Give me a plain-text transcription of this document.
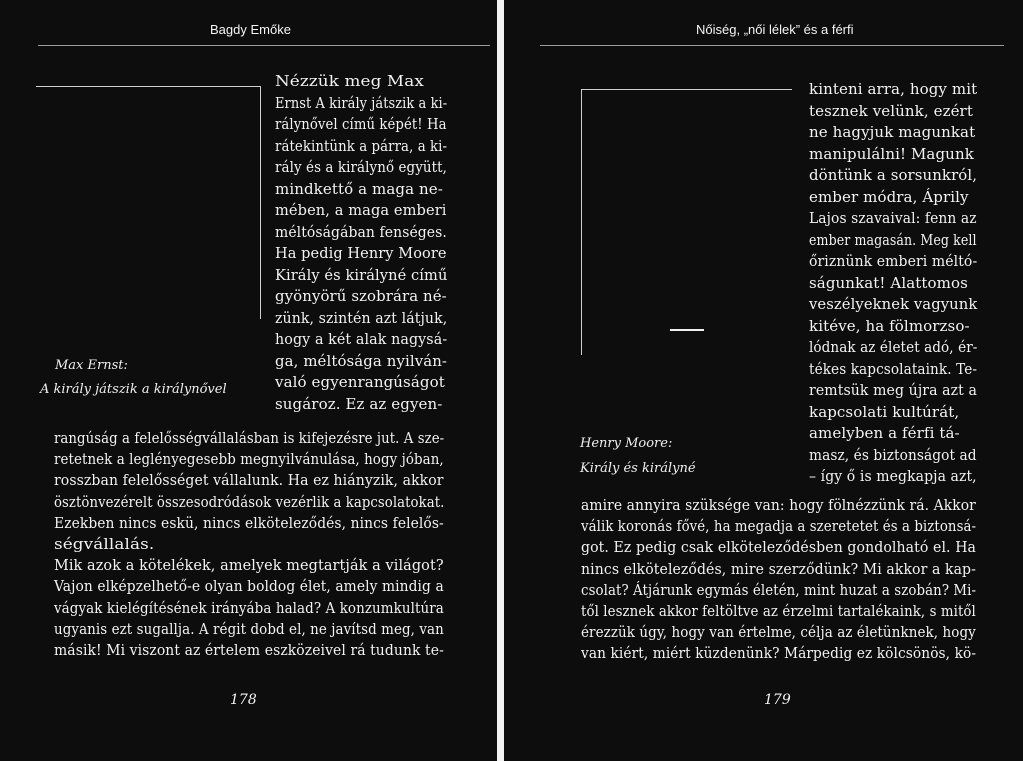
Bagdy Emőke
Nézzük meg Max
Ernst A király játszik a ki-
rálynővel című képét! Ha
rátekintünk a párra, a ki-
rály és a királynő együtt,
mindkettő a maga ne-
mében, a maga emberi
méltóságában fenséges.
Ha pedig Henry Moore
Király és királyné című
gyönyörű szobrára né-
zünk, szintén azt látjuk,
hogy a két alak nagysá-
ga, méltósága nyilván-
való egyenrangúságot
sugároz. Ez az egyen-
rangúság a felelősségvállalásban is kifejezésre jut. A sze-
retetnek a leglényegesebb megnyilvánulása, hogy jóban,
rosszban felelősséget vállalunk. Ha ez hiányzik, akkor
ösztönvezérelt összesodródások vezérlik a kapcsolatokat.
Ezekben nincs eskü, nincs elköteleződés, nincs felelős-
ségvállalás.
Mik azok a kötelékek, amelyek megtartják a világot?
Vajon elképzelhető-e olyan boldog élet, amely mindig a
vágyak kielégítésének irányába halad? A konzumkultúra
ugyanis ezt sugallja. A régit dobd el, ne javítsd meg, van
másik! Mi viszont az értelem eszközeivel rá tudunk te-
Max Ernst:
A király játszik a királynővel
178
Nőiség, „női lélek” és a férfi
kinteni arra, hogy mit
tesznek velünk, ezért
ne hagyjuk magunkat
manipulálni! Magunk
döntünk a sorsunkról,
ember módra, Áprily
Lajos szavaival: fenn az
ember magasán. Meg kell
őriznünk emberi méltó-
ságunkat! Alattomos
veszélyeknek vagyunk
kitéve, ha fölmorzso-
lódnak az életet adó, ér-
tékes kapcsolataink. Te-
remtsük meg újra azt a
kapcsolati kultúrát,
amelyben a férfi tá-
masz, és biztonságot ad
– így ő is megkapja azt,
amire annyira szüksége van: hogy fölnézzünk rá. Akkor
válik koronás fővé, ha megadja a szeretetet és a biztonsá-
got. Ez pedig csak elköteleződésben gondolható el. Ha
nincs elköteleződés, mire szerződünk? Mi akkor a kap-
csolat? Átjárunk egymás életén, mint huzat a szobán? Mi-
től lesznek akkor feltöltve az érzelmi tartalékaink, s mitől
érezzük úgy, hogy van értelme, célja az életünknek, hogy
van kiért, miért küzdenünk? Márpedig ez kölcsönös, kö-
Henry Moore:
Király és királyné
179
